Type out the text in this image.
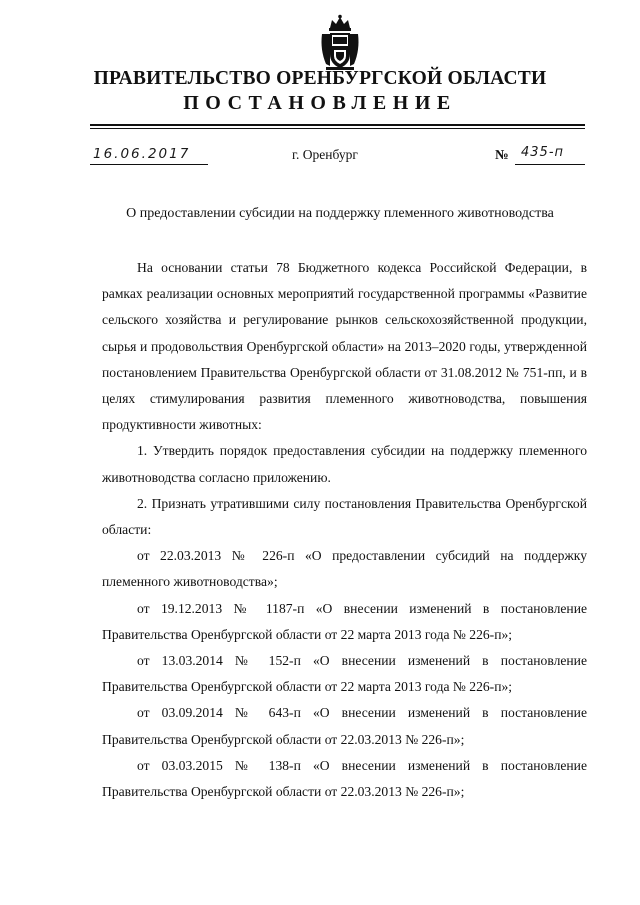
ПРАВИТЕЛЬСТВО ОРЕНБУРГСКОЙ ОБЛАСТИ
ПОСТАНОВЛЕНИЕ
16.06.2017	г. Оренбург	№ 435-п
О предоставлении субсидии на поддержку племенного животноводства

На основании статьи 78 Бюджетного кодекса Российской Федерации, в рамках реализации основных мероприятий государственной программы «Развитие сельского хозяйства и регулирование рынков сельскохозяйственной продукции, сырья и продовольствия Оренбургской области» на 2013–2020 годы, утвержденной постановлением Правительства Оренбургской области от 31.08.2012 № 751-пп, и в целях стимулирования развития племенного животноводства, повышения продуктивности животных:

1. Утвердить порядок предоставления субсидии на поддержку племенного животноводства согласно приложению.

2. Признать утратившими силу постановления Правительства Оренбургской области:

от 22.03.2013 № 226-п «О предоставлении субсидий на поддержку племенного животноводства»;

от 19.12.2013 № 1187-п «О внесении изменений в постановление Правительства Оренбургской области от 22 марта 2013 года № 226-п»;

от 13.03.2014 № 152-п «О внесении изменений в постановление Правительства Оренбургской области от 22 марта 2013 года № 226-п»;

от 03.09.2014 № 643-п «О внесении изменений в постановление Правительства Оренбургской области от 22.03.2013 № 226-п»;

от 03.03.2015 № 138-п «О внесении изменений в постановление Правительства Оренбургской области от 22.03.2013 № 226-п»;
